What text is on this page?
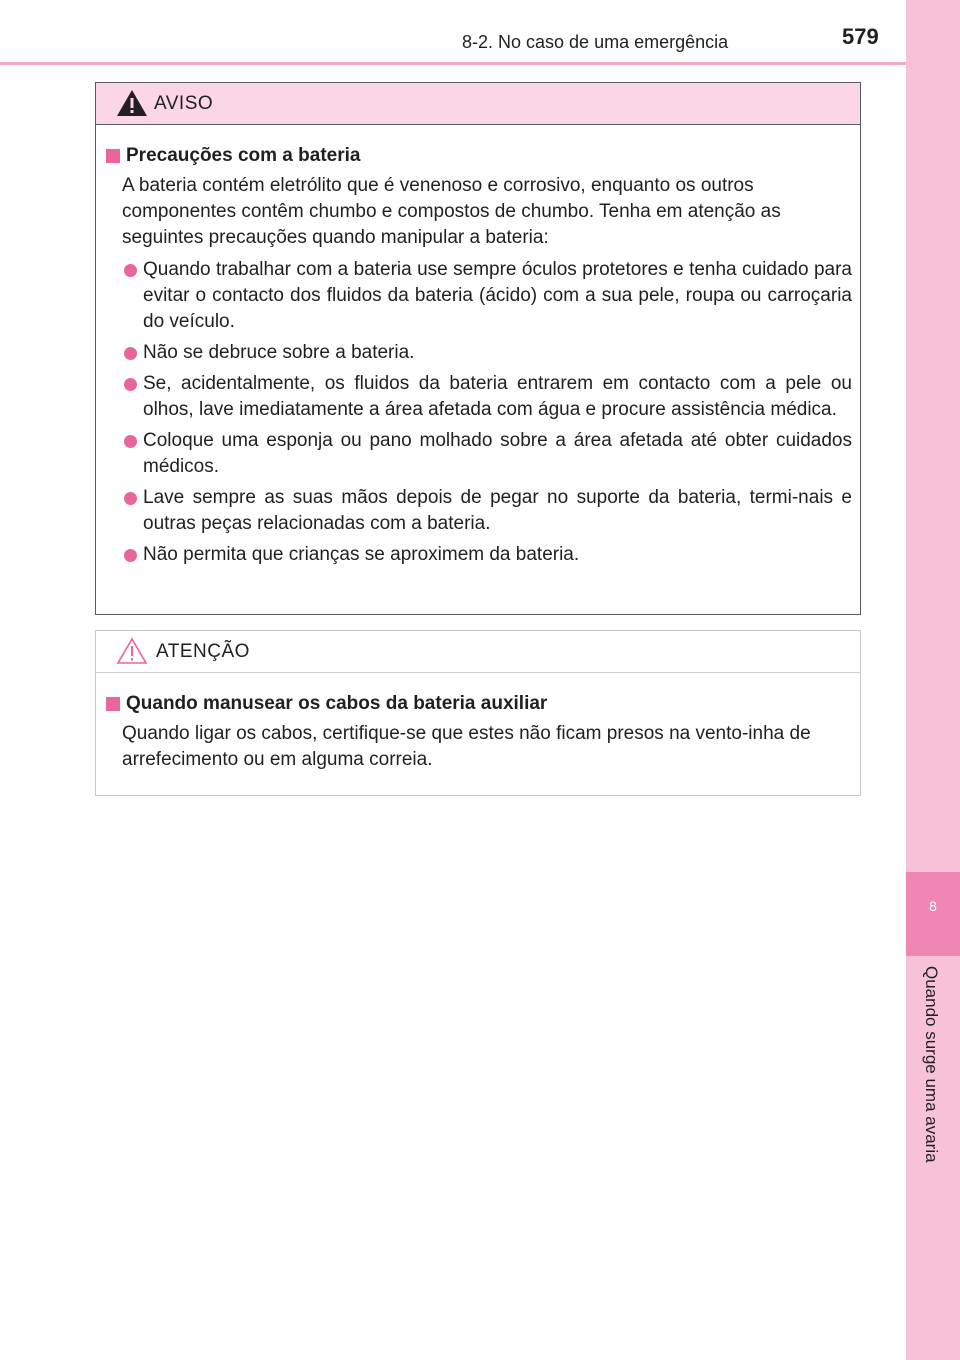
8
Quando surge uma avaria
8-2. No caso de uma emergência	579
AVISO
Precauções com a bateria
A bateria contém eletrólito que é venenoso e corrosivo, enquanto os outros componentes contêm chumbo e compostos de chumbo. Tenha em atenção as seguintes precauções quando manipular a bateria:
Quando trabalhar com a bateria use sempre óculos protetores e tenha cuidado para evitar o contacto dos fluidos da bateria (ácido) com a sua pele, roupa ou carroçaria do veículo.
Não se debruce sobre a bateria.
Se, acidentalmente, os fluidos da bateria entrarem em contacto com a pele ou olhos, lave imediatamente a área afetada com água e procure assistência médica.
Coloque uma esponja ou pano molhado sobre a área afetada até obter cuidados médicos.
Lave sempre as suas mãos depois de pegar no suporte da bateria, termi-nais e outras peças relacionadas com a bateria.
Não permita que crianças se aproximem da bateria.
ATENÇÃO
Quando manusear os cabos da bateria auxiliar
Quando ligar os cabos, certifique-se que estes não ficam presos na vento-inha de arrefecimento ou em alguma correia.
